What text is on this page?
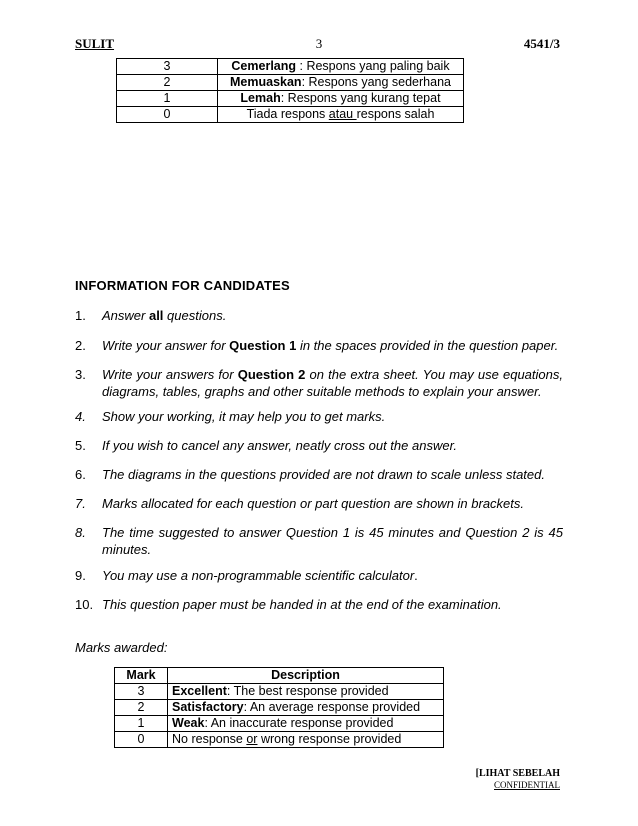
SULIT	3	4541/3
3	Cemerlang : Respons yang paling baik
2	Memuaskan: Respons yang sederhana
1	Lemah: Respons yang kurang tepat
0	Tiada respons atau respons salah
INFORMATION FOR CANDIDATES
1. Answer all questions.
2. Write your answer for Question 1 in the spaces provided in the question paper.
3. Write your answers for Question 2 on the extra sheet. You may use equations, diagrams, tables, graphs and other suitable methods to explain your answer.
4. Show your working, it may help you to get marks.
5. If you wish to cancel any answer, neatly cross out the answer.
6. The diagrams in the questions provided are not drawn to scale unless stated.
7. Marks allocated for each question or part question are shown in brackets.
8. The time suggested to answer Question 1 is 45 minutes and Question 2 is 45 minutes.
9. You may use a non-programmable scientific calculator.
10. This question paper must be handed in at the end of the examination.
Marks awarded:
Mark	Description
3	Excellent: The best response provided
2	Satisfactory: An average response provided
1	Weak: An inaccurate response provided
0	No response or wrong response provided
[LIHAT SEBELAH
CONFIDENTIAL
